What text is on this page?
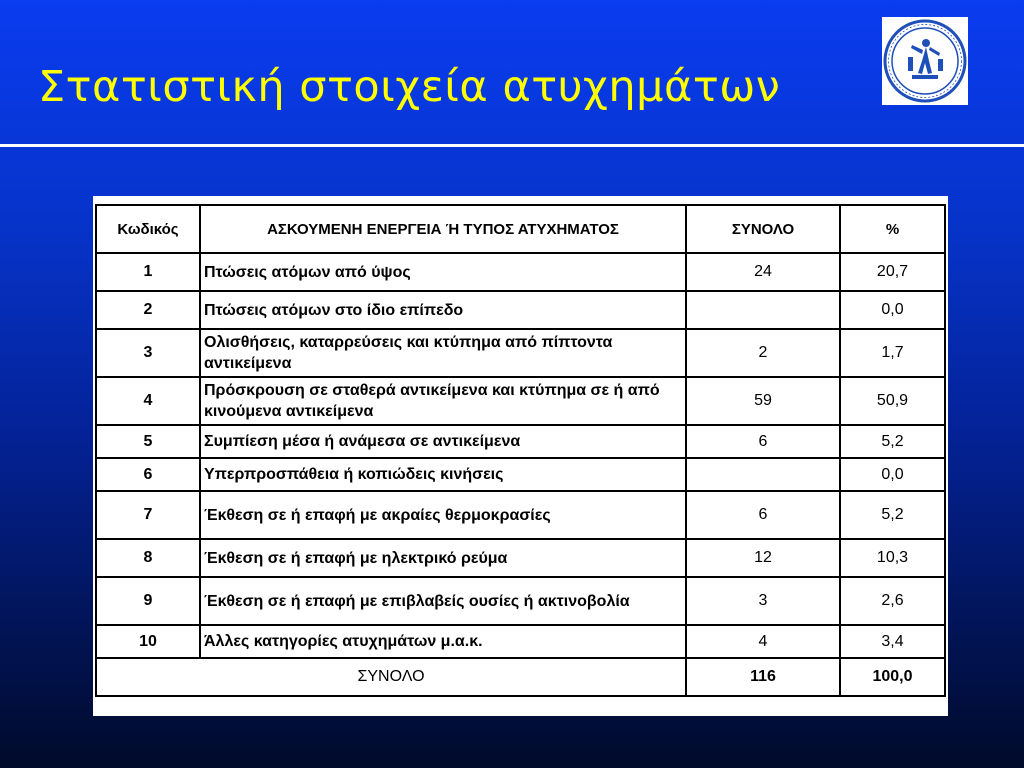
Στατιστική στοιχεία ατυχημάτων
Κωδικός	ΑΣΚΟΥΜΕΝΗ ΕΝΕΡΓΕΙΑ Ή ΤΥΠΟΣ ΑΤΥΧΗΜΑΤΟΣ	ΣΥΝΟΛΟ	%
1	Πτώσεις ατόμων από ύψος	24	20,7
2	Πτώσεις ατόμων στο ίδιο επίπεδο		0,0
3	Ολισθήσεις, καταρρεύσεις και κτύπημα από πίπτοντα αντικείμενα	2	1,7
4	Πρόσκρουση σε σταθερά αντικείμενα και κτύπημα σε ή από κινούμενα αντικείμενα	59	50,9
5	Συμπίεση μέσα ή ανάμεσα σε αντικείμενα	6	5,2
6	Υπερπροσπάθεια ή κοπιώδεις κινήσεις		0,0
7	Έκθεση σε ή επαφή με ακραίες θερμοκρασίες	6	5,2
8	Έκθεση σε ή επαφή με ηλεκτρικό ρεύμα	12	10,3
9	Έκθεση σε ή επαφή με επιβλαβείς ουσίες ή ακτινοβολία	3	2,6
10	Άλλες κατηγορίες ατυχημάτων μ.α.κ.	4	3,4
ΣΥΝΟΛΟ		116	100,0
